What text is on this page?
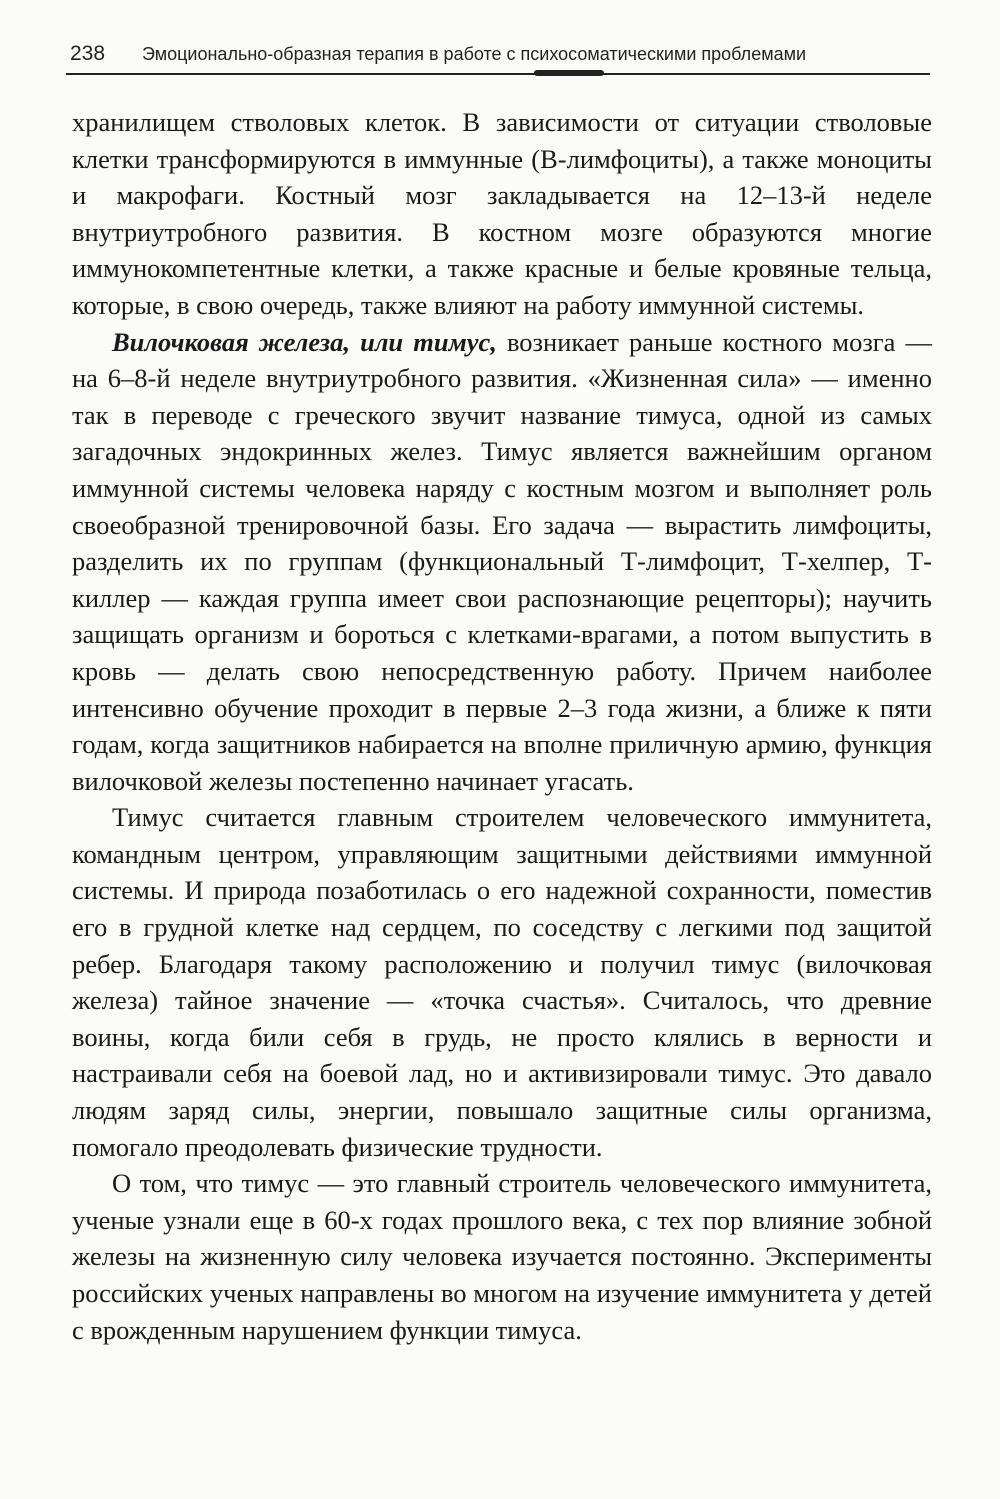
238 Эмоционально-образная терапия в работе с психосоматическими проблемами

хранилищем стволовых клеток. В зависимости от ситуации стволовые клетки трансформируются в иммунные (В-лимфоциты), а также моноциты и макрофаги. Костный мозг закладывается на 12–13-й неделе внутриутробного развития. В костном мозге образуются многие иммунокомпетентные клетки, а также красные и белые кровяные тельца, которые, в свою очередь, также влияют на работу иммунной системы.

Вилочковая железа, или тимус, возникает раньше костного мозга — на 6–8-й неделе внутриутробного развития. «Жизненная сила» — именно так в переводе с греческого звучит название тимуса, одной из самых загадочных эндокринных желез. Тимус является важнейшим органом иммунной системы человека наряду с костным мозгом и выполняет роль своеобразной тренировочной базы. Его задача — вырастить лимфоциты, разделить их по группам (функциональный Т-лимфоцит, Т-хелпер, Т-киллер — каждая группа имеет свои распознающие рецепторы); научить защищать организм и бороться с клетками-врагами, а потом выпустить в кровь — делать свою непосредственную работу. Причем наиболее интенсивно обучение проходит в первые 2–3 года жизни, а ближе к пяти годам, когда защитников набирается на вполне приличную армию, функция вилочковой железы постепенно начинает угасать.

Тимус считается главным строителем человеческого иммунитета, командным центром, управляющим защитными действиями иммунной системы. И природа позаботилась о его надежной сохранности, поместив его в грудной клетке над сердцем, по соседству с легкими под защитой ребер. Благодаря такому расположению и получил тимус (вилочковая железа) тайное значение — «точка счастья». Считалось, что древние воины, когда били себя в грудь, не просто клялись в верности и настраивали себя на боевой лад, но и активизировали тимус. Это давало людям заряд силы, энергии, повышало защитные силы организма, помогало преодолевать физические трудности.

О том, что тимус — это главный строитель человеческого иммунитета, ученые узнали еще в 60-х годах прошлого века, с тех пор влияние зобной железы на жизненную силу человека изучается постоянно. Эксперименты российских ученых направлены во многом на изучение иммунитета у детей с врожденным нарушением функции тимуса.
